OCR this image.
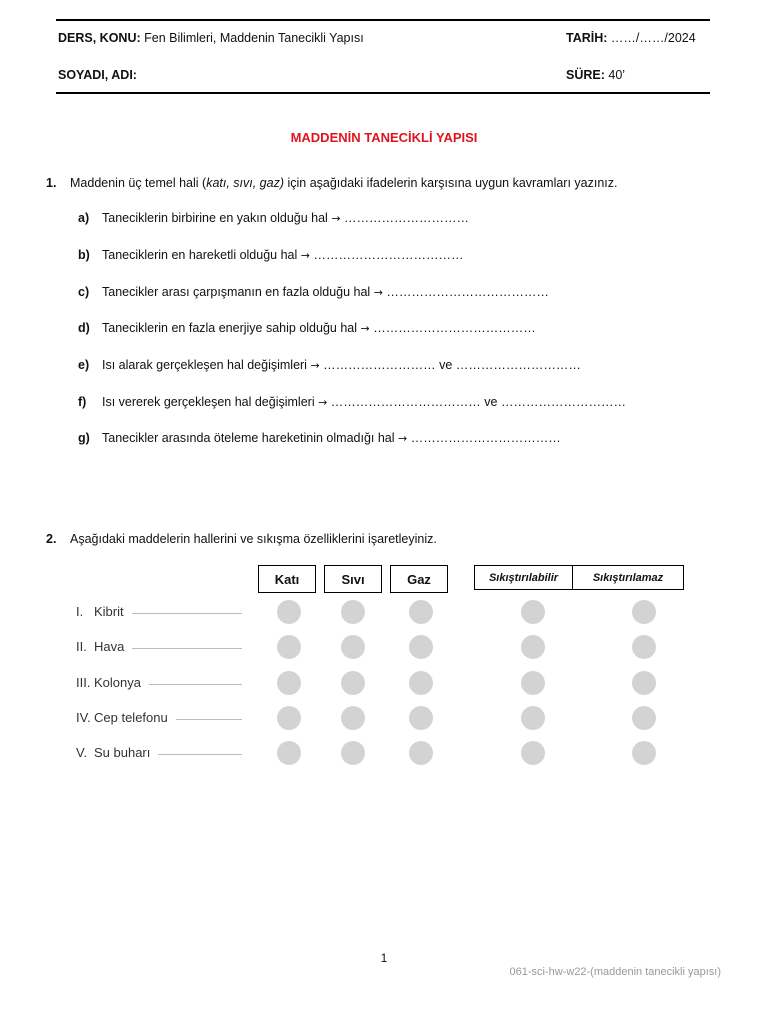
DERS, KONU: Fen Bilimleri, Maddenin Tanecikli Yapısı	TARİH: ……/……/2024
SOYADI, ADI:	SÜRE: 40’
MADDENİN TANECİKLİ YAPISI
1. Maddenin üç temel hali (katı, sıvı, gaz) için aşağıdaki ifadelerin karşısına uygun kavramları yazınız.
a) Taneciklerin birbirine en yakın olduğu hal → …………………………
b) Taneciklerin en hareketli olduğu hal → ………………………………
c) Tanecikler arası çarpışmanın en fazla olduğu hal → …………………………………
d) Taneciklerin en fazla enerjiye sahip olduğu hal → …………………………………
e) Isı alarak gerçekleşen hal değişimleri → ……………………… ve …………………………
f) Isı vererek gerçekleşen hal değişimleri → ……………………………… ve …………………………
g) Tanecikler arasında öteleme hareketinin olmadığı hal → ………………………………
2. Aşağıdaki maddelerin hallerini ve sıkışma özelliklerini işaretleyiniz.
Katı	Sıvı	Gaz	Sıkıştırılabilir	Sıkıştırılamaz
I. Kibrit
II. Hava
III. Kolonya
IV. Cep telefonu
V. Su buharı
1
061-sci-hw-w22-(maddenin tanecikli yapısı)
